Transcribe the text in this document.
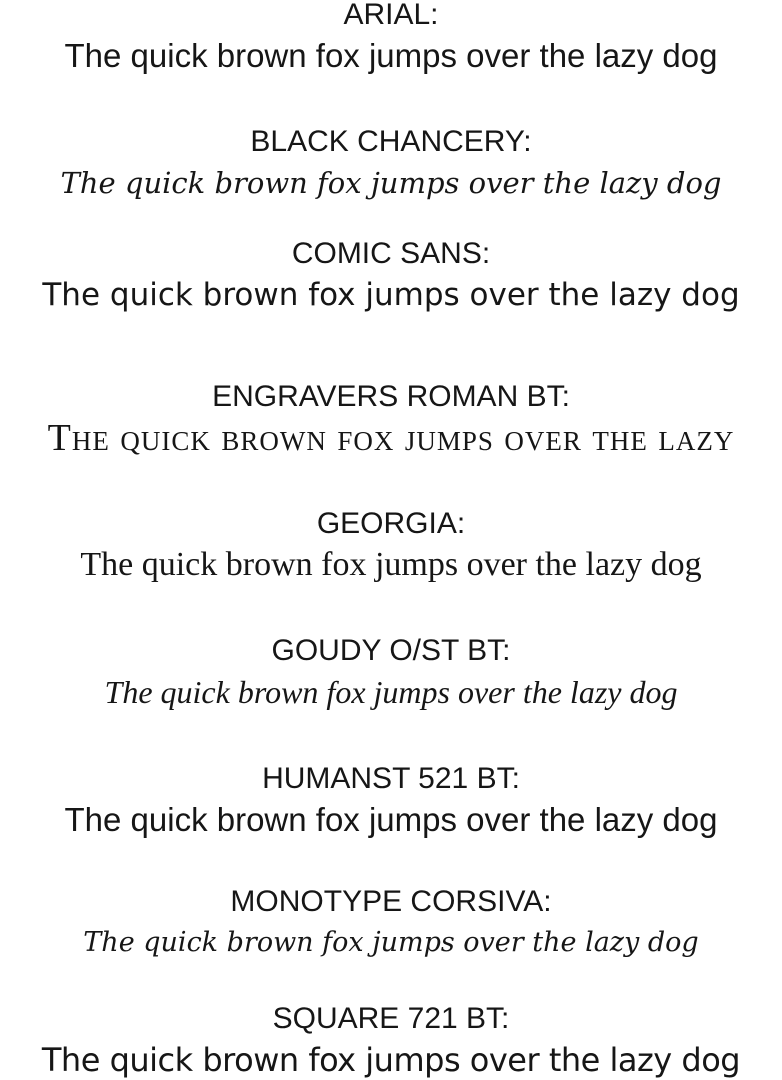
ARIAL:
The quick brown fox jumps over the lazy dog
BLACK CHANCERY:
The quick brown fox jumps over the lazy dog
COMIC SANS:
The quick brown fox jumps over the lazy dog
ENGRAVERS ROMAN BT:
The quick brown fox jumps over the lazy
GEORGIA:
The quick brown fox jumps over the lazy dog
GOUDY O/ST BT:
The quick brown fox jumps over the lazy dog
HUMANST 521 BT:
The quick brown fox jumps over the lazy dog
MONOTYPE CORSIVA:
The quick brown fox jumps over the lazy dog
SQUARE 721 BT:
The quick brown fox jumps over the lazy dog
